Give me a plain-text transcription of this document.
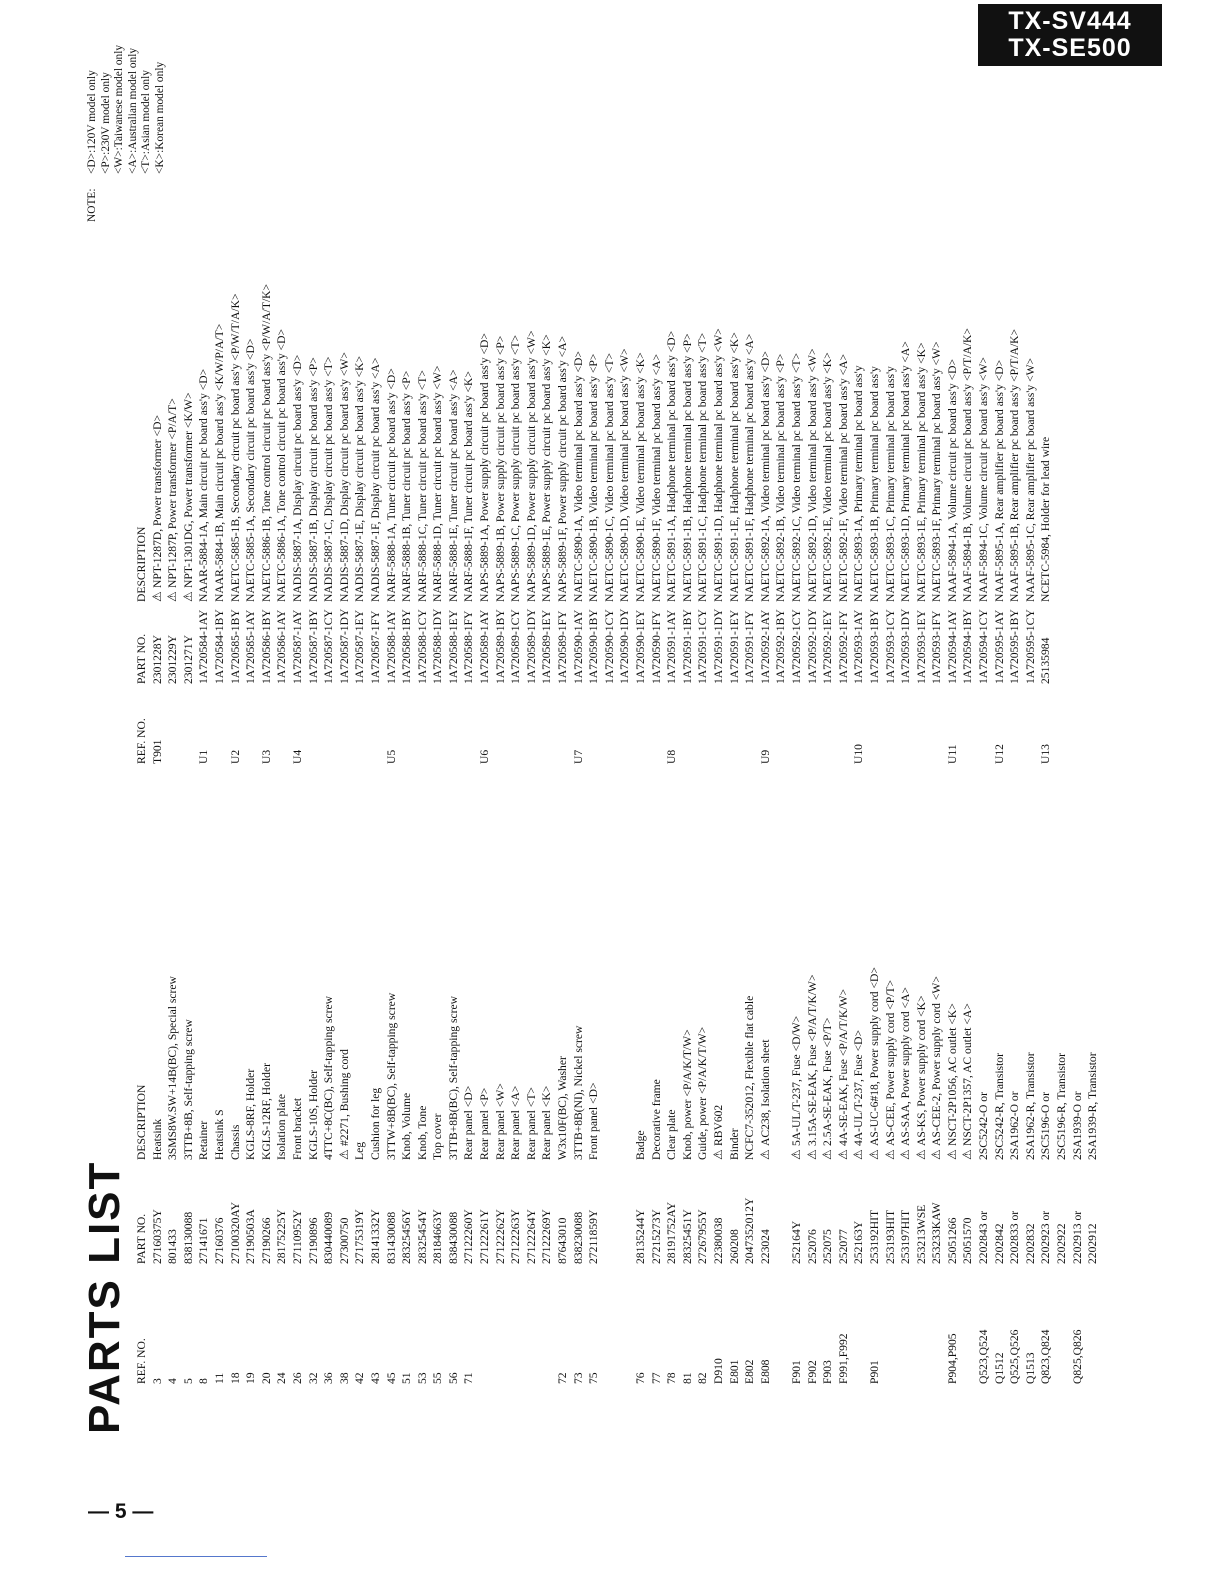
TX-SV444
TX-SE500
— 5 —
PARTS LIST REF. NO.
PART NO.
DESCRIPTION
3
27160375Y
Heatsink
4
801433
3SMS8W.SW+14B(BC), Special screw
5
838130088
3TTB+8B, Self-tapping screw
8
27141671
Retainer
11
27160376
Heatsink S
18
27100320AY
Chassis
19
27190503A
KGLS-8RF, Holder
20
27190266
KGLS-12RF, Holder
24
28175225Y
Isolation plate
26
27110952Y
Front bracket
32
27190896
KGLS-10S, Holder
36
830440089
4TTC+8C(BC), Self-tapping screw
38
27300750
⚠#2271, Bushing cord
42
27175319Y
Leg
43
28141332Y
Cushion for leg
45
831430088
3TTW+8B(BC), Self-tapping screw
51
28325456Y
Knob, Volume
53
28325454Y
Knob, Tone
55
28184663Y
Top cover
56
838430088
3TTB+8B(BC), Self-tapping screw
71
27122260Y
Rear panel <D>
27122261Y
Rear panel <P>
27122262Y
Rear panel <W>
27122263Y
Rear panel <A>
27122264Y
Rear panel <T>
27122269Y
Rear panel <K>
72
87643010
W3x10F(BC), Washer
73
838230088
3TTB+8B(NI), Nickel screw
75
27211859Y
Front panel <D>
76
28135244Y
Badge
77
27215273Y
Decorative frame
78
28191752AY
Clear plate
81
28325451Y
Knob, power <P/A/K/T/W>
82
27267955Y
Guide, power <P/A/K/T/W>
D910
22380038
⚠RBV602
E801
260208
Binder
E802
2047352012Y
NCFC7-352012, Flexible flat cable
E808
223024
⚠AC238, Isolation sheet
F901
252164Y
⚠5A-UL/T-237, Fuse <D/W>
F902
252076
⚠3.15A-SE-EAK, Fuse <P/A/T/K/W>
F903
252075
⚠2.5A-SE-EAK, Fuse <P/T>
F991,F992
252077
⚠4A-SE-EAK, Fuse <P/A/T/K/W>
252163Y
⚠4A-UL/T-237, Fuse <D>
P901
253192HIT
⚠AS-UC-6#18, Power supply cord <D>
253193HIT
⚠AS-CEE, Power supply cord <P/T>
253197HIT
⚠AS-SAA, Power supply cord <A>
253213WSE
⚠AS-KS, Power supply cord <K>
253233KAW
⚠AS-CEE-2, Power supply cord <W>
P904,P905
25051266
⚠NSCT-2P1056, AC outlet <K>
25051570
⚠NSCT-2P1357, AC outlet <A>
Q523,Q524
2202843 or
2SC5242-O or
Q1512
2202842
2SC5242-R, Transistor
Q525,Q526
2202833 or
2SA1962-O or
Q1513
2202832
2SA1962-R, Transistor
Q823,Q824
2202923 or
2SC5196-O or
2202922
2SC5196-R, Transistor
Q825,Q826
2202913 or
2SA1939-O or
2202912
2SA1939-R, Transistor
REF. NO.
PART NO.
DESCRIPTION
T901
2301228Y
⚠NPT-1287D, Power transformer <D>
2301229Y
⚠NPT-1287P, Power transformer <P/A/T>
2301271Y
⚠NPT-1301DG, Power transformer <K/W>
U1
1A720584-1AY
NAAR-5884-1A, Main circuit pc board ass'y <D>
1A720584-1BY
NAAR-5884-1B, Main circuit pc board ass'y <K/W/P/A/T>
U2
1A720585-1BY
NAETC-5885-1B, Secondary circuit pc board ass'y <P/W/T/A/K>
1A720585-1AY
NAETC-5885-1A, Secondary circuit pc board ass'y <D>
U3
1A720586-1BY
NAETC-5886-1B, Tone control circuit pc board ass'y <P/W/A/T/K>
1A720586-1AY
NAETC-5886-1A, Tone control circuit pc board ass'y <D>
U4
1A720587-1AY
NADIS-5887-1A, Display circuit pc board ass'y <D>
1A720587-1BY
NADIS-5887-1B, Display circuit pc board ass'y <P>
1A720587-1CY
NADIS-5887-1C, Display circuit pc board ass'y <T>
1A720587-1DY
NADIS-5887-1D, Display circuit pc board ass'y <W>
1A720587-1EY
NADIS-5887-1E, Display circuit pc board ass'y <K>
1A720587-1FY
NADIS-5887-1F, Display circuit pc board ass'y <A>
U5
1A720588-1AY
NARF-5888-1A, Tuner circuit pc board ass'y <D>
1A720588-1BY
NARF-5888-1B, Tuner circuit pc board ass'y <P>
1A720588-1CY
NARF-5888-1C, Tuner circuit pc board ass'y <T>
1A720588-1DY
NARF-5888-1D, Tuner circuit pc board ass'y <W>
1A720588-1EY
NARF-5888-1E, Tuner circuit pc board ass'y <A>
1A720588-1FY
NARF-5888-1F, Tuner circuit pc board ass'y <K>
U6
1A720589-1AY
NAPS-5889-1A, Power supply circuit pc board ass'y <D>
1A720589-1BY
NAPS-5889-1B, Power supply circuit pc board ass'y <P>
1A720589-1CY
NAPS-5889-1C, Power supply circuit pc board ass'y <T>
1A720589-1DY
NAPS-5889-1D, Power supply circuit pc board ass'y <W>
1A720589-1EY
NAPS-5889-1E, Power supply circuit pc board ass'y <K>
1A720589-1FY
NAPS-5889-1F, Power supply circuit pc board ass'y <A>
U7
1A720590-1AY
NAETC-5890-1A, Video terminal pc board ass'y <D>
1A720590-1BY
NAETC-5890-1B, Video terminal pc board ass'y <P>
1A720590-1CY
NAETC-5890-1C, Video terminal pc board ass'y <T>
1A720590-1DY
NAETC-5890-1D, Video terminal pc board ass'y <W>
1A720590-1EY
NAETC-5890-1E, Video terminal pc board ass'y <K>
1A720590-1FY
NAETC-5890-1F, Video terminal pc board ass'y <A>
U8
1A720591-1AY
NAETC-5891-1A, Hadphone terminal pc board ass'y <D>
1A720591-1BY
NAETC-5891-1B, Hadphone terminal pc board ass'y <P>
1A720591-1CY
NAETC-5891-1C, Hadphone terminal pc board ass'y <T>
1A720591-1DY
NAETC-5891-1D, Hadphone terminal pc board ass'y <W>
1A720591-1EY
NAETC-5891-1E, Hadphone terminal pc board ass'y <K>
1A720591-1FY
NAETC-5891-1F, Hadphone terminal pc board ass'y <A>
U9
1A720592-1AY
NAETC-5892-1A, Video terminal pc board ass'y <D>
1A720592-1BY
NAETC-5892-1B, Video terminal pc board ass'y <P>
1A720592-1CY
NAETC-5892-1C, Video terminal pc board ass'y <T>
1A720592-1DY
NAETC-5892-1D, Video terminal pc board ass'y <W>
1A720592-1EY
NAETC-5892-1E, Video terminal pc board ass'y <K>
1A720592-1FY
NAETC-5892-1F, Video terminal pc board ass'y <A>
U10
1A720593-1AY
NAETC-5893-1A, Primary terminal pc board ass'y
1A720593-1BY
NAETC-5893-1B, Primary terminal pc board ass'y
1A720593-1CY
NAETC-5893-1C, Primary terminal pc board ass'y
1A720593-1DY
NAETC-5893-1D, Primary terminal pc board ass'y <A>
1A720593-1EY
NAETC-5893-1E, Primary terminal pc board ass'y <K>
1A720593-1FY
NAETC-5893-1F, Primary terminal pc board ass'y <W>
U11
1A720594-1AY
NAAF-5894-1A, Volume circuit pc board ass'y <D>
1A720594-1BY
NAAF-5894-1B, Volume circuit pc board ass'y <P/T/A/K>
1A720594-1CY
NAAF-5894-1C, Volume circuit pc board ass'y <W>
U12
1A720595-1AY
NAAF-5895-1A, Rear amplifier pc board ass'y <D>
1A720595-1BY
NAAF-5895-1B, Rear amplifier pc board ass'y <P/T/A/K>
1A720595-1CY
NAAF-5895-1C, Rear amplifier pc board ass'y <W>
U13
25135984
NCETC-5984, Holder for lead wire
NOTE:
<D>:120V model only <P>:230V model only <W>:Taiwanese model only <A>:Australian model only <T>:Asian model only <K>:Korean model only
